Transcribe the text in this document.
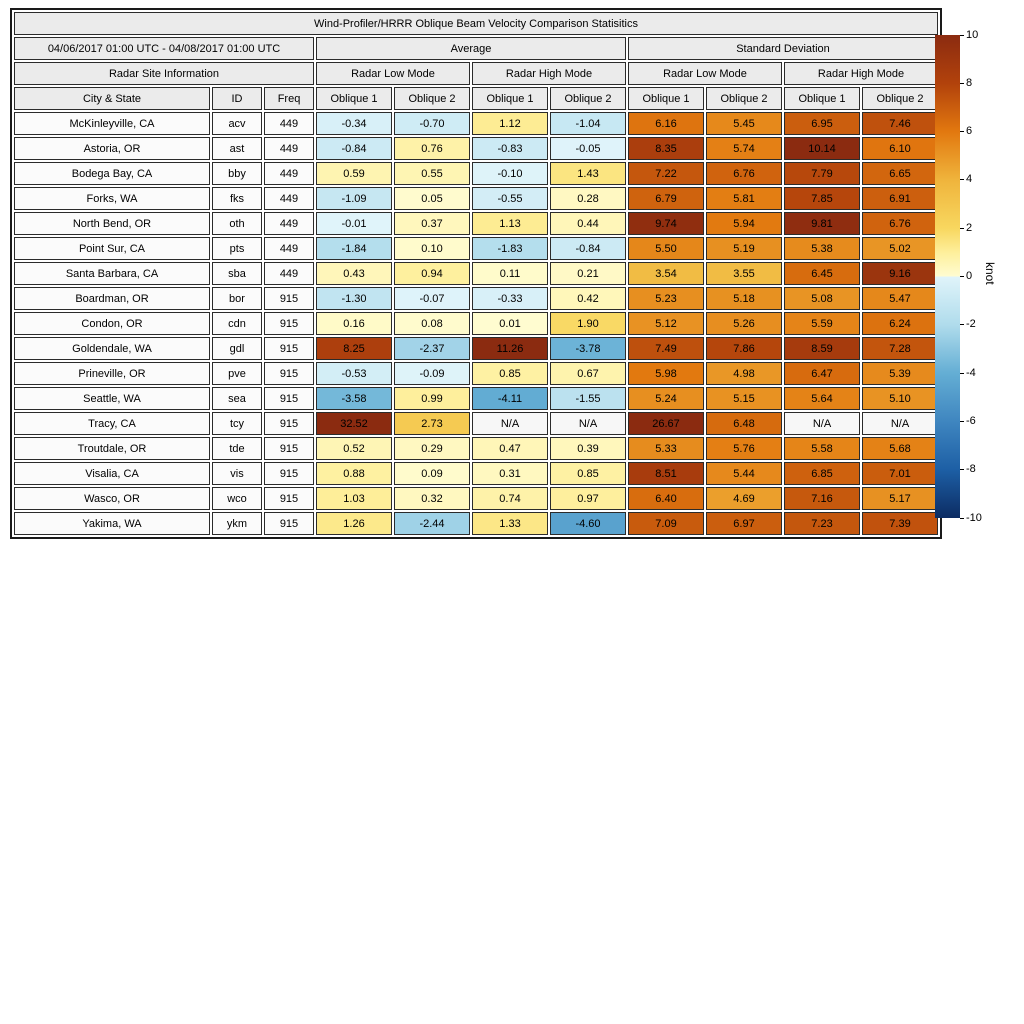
Wind-Profiler/HRRR Oblique Beam Velocity Comparison Statisitics										
04/06/2017 01:00 UTC - 04/08/2017 01:00 UTC			Average				Standard Deviation			
Radar Site Information			Radar Low Mode		Radar High Mode		Radar Low Mode		Radar High Mode	
City & State	ID	Freq	Oblique 1	Oblique 2	Oblique 1	Oblique 2	Oblique 1	Oblique 2	Oblique 1	Oblique 2
McKinleyville, CA	acv	449	-0.34	-0.70	1.12	-1.04	6.16	5.45	6.95	7.46
Astoria, OR	ast	449	-0.84	0.76	-0.83	-0.05	8.35	5.74	10.14	6.10
Bodega Bay, CA	bby	449	0.59	0.55	-0.10	1.43	7.22	6.76	7.79	6.65
Forks, WA	fks	449	-1.09	0.05	-0.55	0.28	6.79	5.81	7.85	6.91
North Bend, OR	oth	449	-0.01	0.37	1.13	0.44	9.74	5.94	9.81	6.76
Point Sur, CA	pts	449	-1.84	0.10	-1.83	-0.84	5.50	5.19	5.38	5.02
Santa Barbara, CA	sba	449	0.43	0.94	0.11	0.21	3.54	3.55	6.45	9.16
Boardman, OR	bor	915	-1.30	-0.07	-0.33	0.42	5.23	5.18	5.08	5.47
Condon, OR	cdn	915	0.16	0.08	0.01	1.90	5.12	5.26	5.59	6.24
Goldendale, WA	gdl	915	8.25	-2.37	11.26	-3.78	7.49	7.86	8.59	7.28
Prineville, OR	pve	915	-0.53	-0.09	0.85	0.67	5.98	4.98	6.47	5.39
Seattle, WA	sea	915	-3.58	0.99	-4.11	-1.55	5.24	5.15	5.64	5.10
Tracy, CA	tcy	915	32.52	2.73	N/A	N/A	26.67	6.48	N/A	N/A
Troutdale, OR	tde	915	0.52	0.29	0.47	0.39	5.33	5.76	5.58	5.68
Visalia, CA	vis	915	0.88	0.09	0.31	0.85	8.51	5.44	6.85	7.01
Wasco, OR	wco	915	1.03	0.32	0.74	0.97	6.40	4.69	7.16	5.17
Yakima, WA	ykm	915	1.26	-2.44	1.33	-4.60	7.09	6.97	7.23	7.39
10
8
6
4
2
0
-2
-4
-6
-8
-10
knot
